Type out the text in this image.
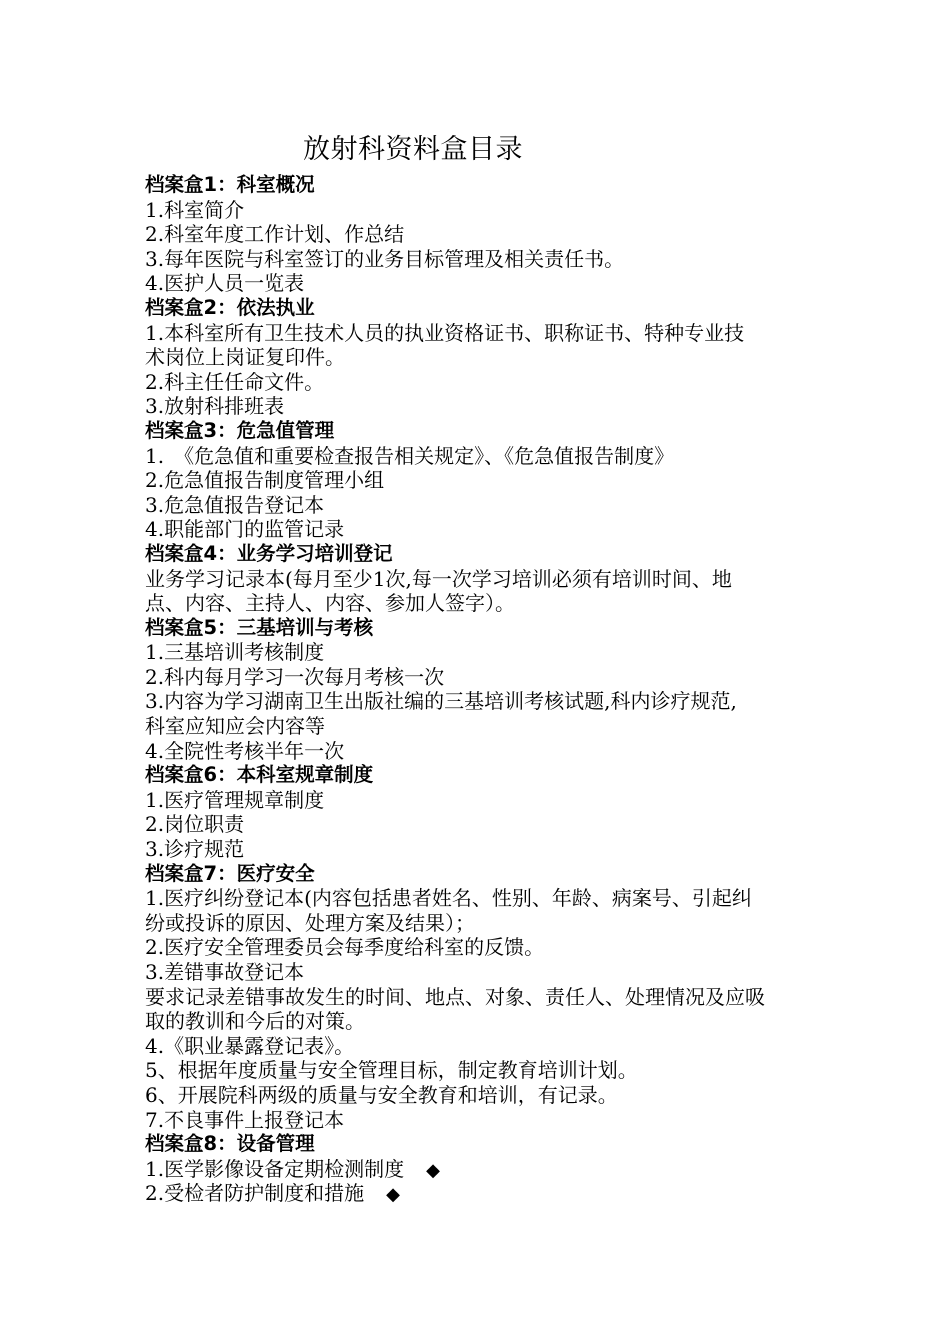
放射科资料盒目录
档案盒1：科室概况
1.科室简介
2.科室年度工作计划、作总结
3.每年医院与科室签订的业务目标管理及相关责任书。
4.医护人员一览表
档案盒2：依法执业
1.本科室所有卫生技术人员的执业资格证书、职称证书、特种专业技
术岗位上岗证复印件。
2.科主任任命文件。
3.放射科排班表
档案盒3：危急值管理
1.　《危急值和重要检查报告相关规定》、《危急值报告制度》
2.危急值报告制度管理小组
3.危急值报告登记本
4.职能部门的监管记录
档案盒4：业务学习培训登记
业务学习记录本(每月至少1次,每一次学习培训必须有培训时间、地
点、内容、主持人、内容、参加人签字）。
档案盒5：三基培训与考核
1.三基培训考核制度
2.科内每月学习一次每月考核一次
3.内容为学习湖南卫生出版社编的三基培训考核试题,科内诊疗规范,
科室应知应会内容等
4.全院性考核半年一次
档案盒6：本科室规章制度
1.医疗管理规章制度
2.岗位职责
3.诊疗规范
档案盒7：医疗安全
1.医疗纠纷登记本(内容包括患者姓名、性别、年龄、病案号、引起纠
纷或投诉的原因、处理方案及结果）；
2.医疗安全管理委员会每季度给科室的反馈。
3.差错事故登记本
要求记录差错事故发生的时间、地点、对象、责任人、处理情况及应吸
取的教训和今后的对策。
4.《职业暴露登记表》。
5、根据年度质量与安全管理目标，制定教育培训计划。
6、开展院科两级的质量与安全教育和培训，有记录。
7.不良事件上报登记本
档案盒8：设备管理
1.医学影像设备定期检测制度 ◆
2.受检者防护制度和措施 ◆
